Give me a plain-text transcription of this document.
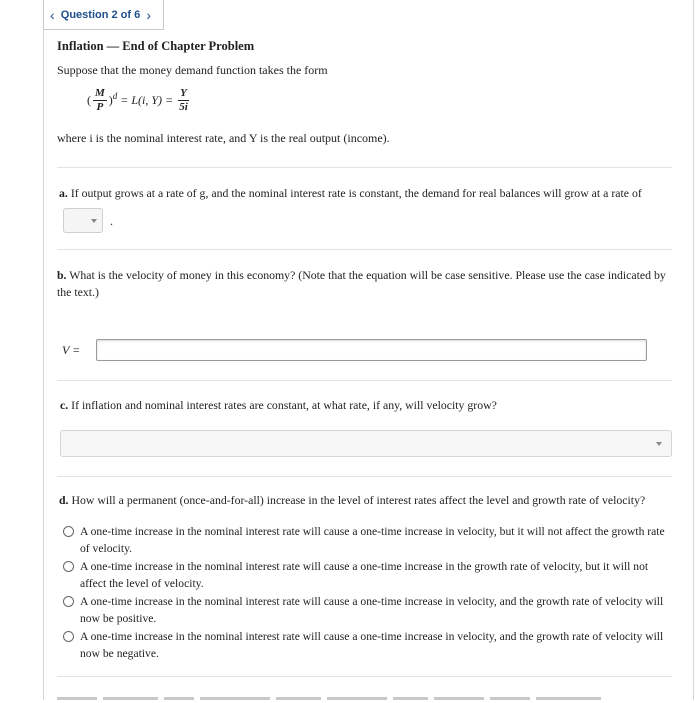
‹ Question 2 of 6 ›
Inflation — End of Chapter Problem
Suppose that the money demand function takes the form
( $\frac{M}{P} )^d = L(i$, $Y) = \frac{Y}{5i}$
where i is the nominal interest rate, and Y is the real output (income).
a. If output grows at a rate of g, and the nominal interest rate is constant, the demand for real balances will grow at a rate of
.
b. What is the velocity of money in this economy? (Note that the equation will be case sensitive. Please use the case indicated by the text.)
V =
c. If inflation and nominal interest rates are constant, at what rate, if any, will velocity grow?
d. How will a permanent (once-and-for-all) increase in the level of interest rates affect the level and growth rate of velocity?
A one-time increase in the nominal interest rate will cause a one-time increase in velocity, but it will not affect the growth rate of velocity.
A one-time increase in the nominal interest rate will cause a one-time increase in the growth rate of velocity, but it will not affect the level of velocity.
A one-time increase in the nominal interest rate will cause a one-time increase in velocity, and the growth rate of velocity will now be positive.
A one-time increase in the nominal interest rate will cause a one-time increase in velocity, and the growth rate of velocity will now be negative.
